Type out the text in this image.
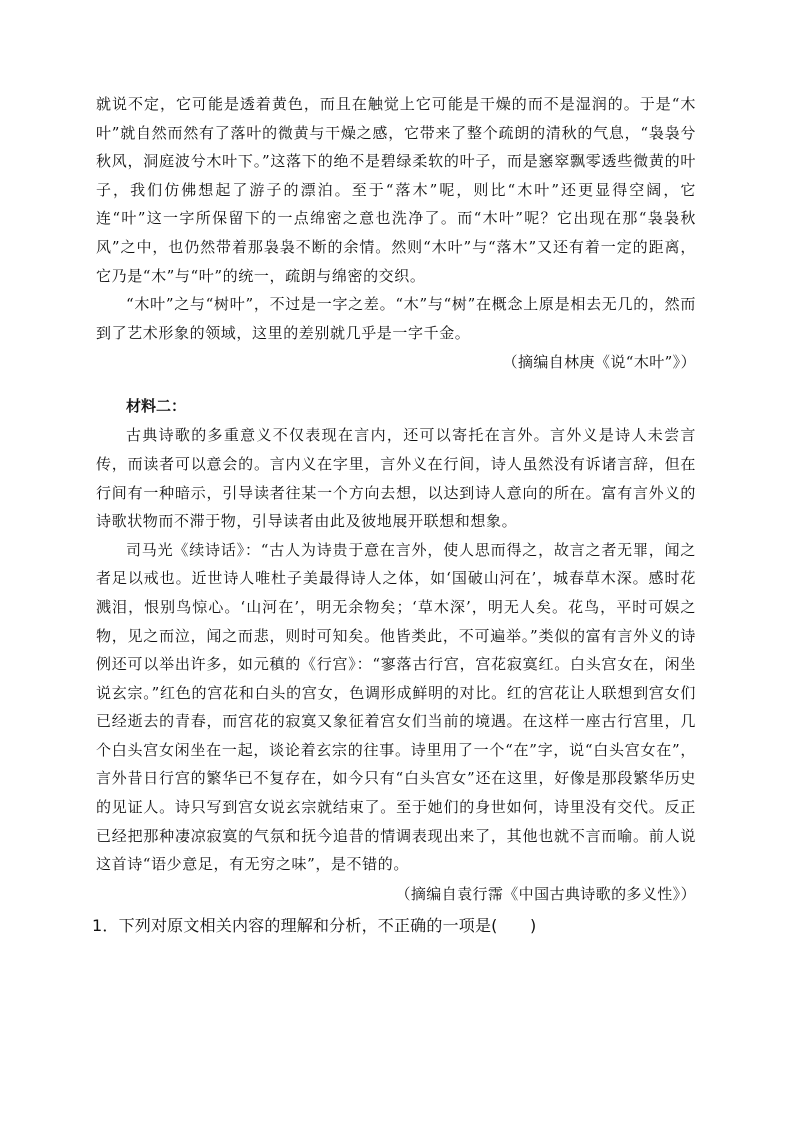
就说不定，它可能是透着黄色，而且在触觉上它可能是干燥的而不是湿润的。于是“木叶”就自然而然有了落叶的微黄与干燥之感，它带来了整个疏朗的清秋的气息，“袅袅兮秋风，洞庭波兮木叶下。”这落下的绝不是碧绿柔软的叶子，而是窸窣飘零透些微黄的叶子，我们仿佛想起了游子的漂泊。至于“落木”呢，则比“木叶”还更显得空阔，它连“叶”这一字所保留下的一点绵密之意也洗净了。而“木叶”呢？它出现在那“袅袅秋风”之中，也仍然带着那袅袅不断的余情。然则“木叶”与“落木”又还有着一定的距离，它乃是“木”与“叶”的统一，疏朗与绵密的交织。

“木叶”之与“树叶”，不过是一字之差。“木”与“树”在概念上原是相去无几的，然而到了艺术形象的领域，这里的差别就几乎是一字千金。

（摘编自林庚《说“木叶”》）

材料二：

古典诗歌的多重意义不仅表现在言内，还可以寄托在言外。言外义是诗人未尝言传，而读者可以意会的。言内义在字里，言外义在行间，诗人虽然没有诉诸言辞，但在行间有一种暗示，引导读者往某一个方向去想，以达到诗人意向的所在。富有言外义的诗歌状物而不滞于物，引导读者由此及彼地展开联想和想象。

司马光《续诗话》：“古人为诗贵于意在言外，使人思而得之，故言之者无罪，闻之者足以戒也。近世诗人唯杜子美最得诗人之体，如‘国破山河在’，城春草木深。感时花溅泪，恨别鸟惊心。‘山河在’，明无余物矣；‘草木深’，明无人矣。花鸟，平时可娱之物，见之而泣，闻之而悲，则时可知矣。他皆类此，不可遍举。”类似的富有言外义的诗例还可以举出许多，如元稹的《行宫》：“寥落古行宫，宫花寂寞红。白头宫女在，闲坐说玄宗。”红色的宫花和白头的宫女，色调形成鲜明的对比。红的宫花让人联想到宫女们已经逝去的青春，而宫花的寂寞又象征着宫女们当前的境遇。在这样一座古行宫里，几个白头宫女闲坐在一起，谈论着玄宗的往事。诗里用了一个“在”字，说“白头宫女在”，言外昔日行宫的繁华已不复存在，如今只有“白头宫女”还在这里，好像是那段繁华历史的见证人。诗只写到宫女说玄宗就结束了。至于她们的身世如何，诗里没有交代。反正已经把那种凄凉寂寞的气氛和抚今追昔的情调表现出来了，其他也就不言而喻。前人说这首诗“语少意足，有无穷之味”，是不错的。

（摘编自袁行霈《中国古典诗歌的多义性》）

1．下列对原文相关内容的理解和分析，不正确的一项是(　　)
